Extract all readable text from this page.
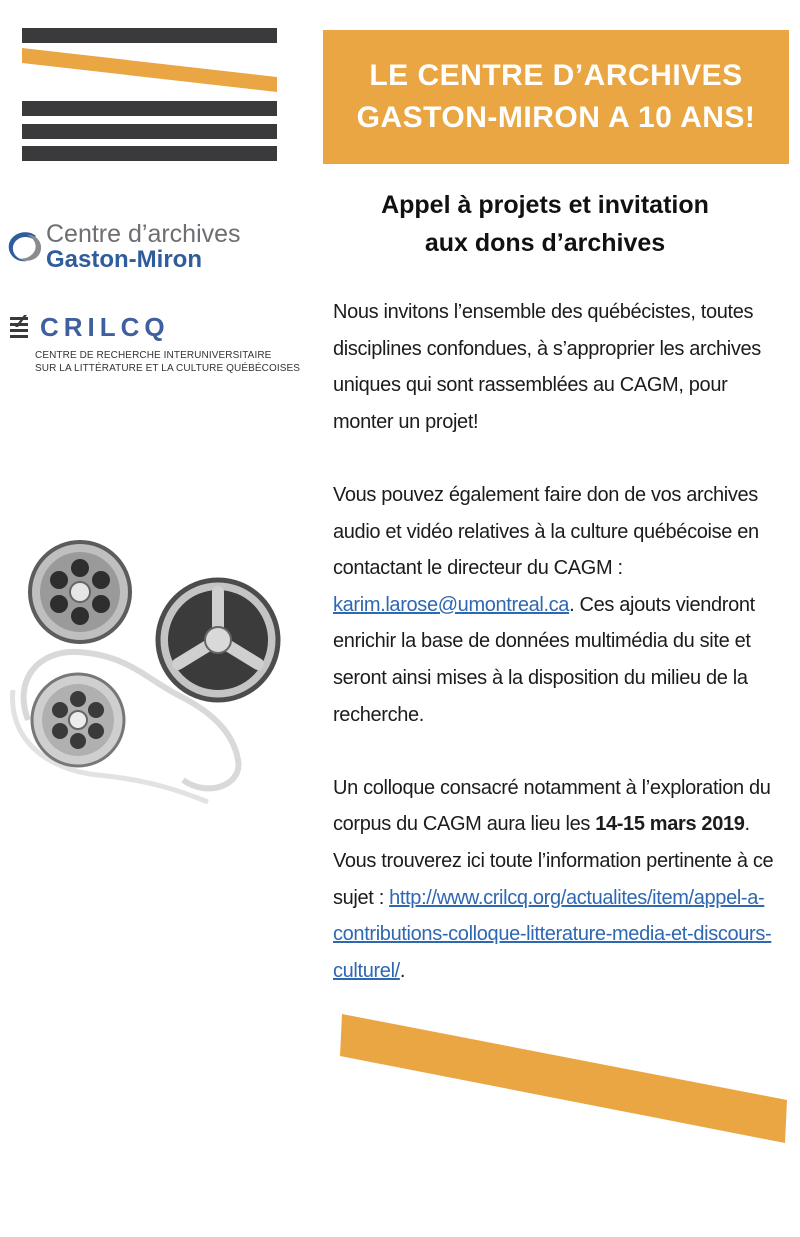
LE CENTRE D’ARCHIVES
GASTON-MIRON A 10 ANS!
Centre d’archives
Gaston-Miron
CRILCQ
CENTRE DE RECHERCHE INTERUNIVERSITAIRE
SUR LA LITTÉRATURE ET LA CULTURE QUÉBÉCOISES
Appel à projets et invitation
aux dons d’archives

Nous invitons l’ensemble des québécistes, toutes disciplines confondues, à s’approprier les archives uniques qui sont rassemblées au CAGM, pour monter un projet!

Vous pouvez également faire don de vos archives audio et vidéo relatives à la culture québécoise en contactant le directeur du CAGM : karim.larose@umontreal.ca. Ces ajouts viendront enrichir la base de données multimédia du site et seront ainsi mises à la disposition du milieu de la recherche.

Un colloque consacré notamment à l’exploration du corpus du CAGM aura lieu les 14-15 mars 2019. Vous trouverez ici toute l’information pertinente à ce sujet : http://www.crilcq.org/actualites/item/appel-a-contributions-colloque-litterature-media-et-discours-culturel/.
